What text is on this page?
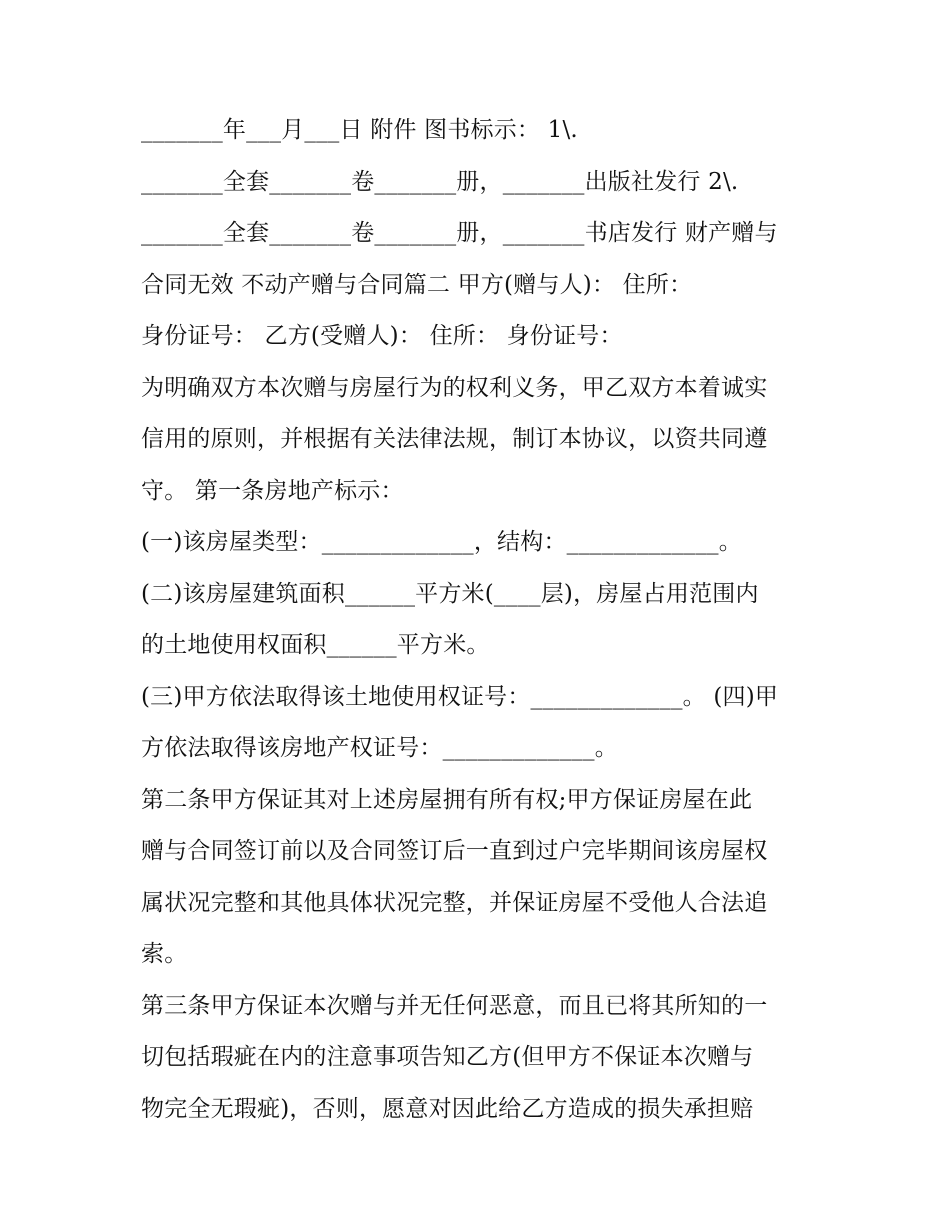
_______年___月___日 附件 图书标示： 1\.
_______全套_______卷_______册，_______出版社发行 2\.
_______全套_______卷_______册，_______书店发行 财产赠与
合同无效 不动产赠与合同篇二 甲方(赠与人)： 住所：
身份证号： 乙方(受赠人)： 住所： 身份证号：
为明确双方本次赠与房屋行为的权利义务，甲乙双方本着诚实
信用的原则，并根据有关法律法规，制订本协议，以资共同遵
守。 第一条房地产标示：
(一)该房屋类型：_____________，结构：_____________。
(二)该房屋建筑面积______平方米(____层)，房屋占用范围内
的土地使用权面积______平方米。
(三)甲方依法取得该土地使用权证号：_____________。 (四)甲
方依法取得该房地产权证号：_____________。
第二条甲方保证其对上述房屋拥有所有权;甲方保证房屋在此
赠与合同签订前以及合同签订后一直到过户完毕期间该房屋权
属状况完整和其他具体状况完整，并保证房屋不受他人合法追
索。
第三条甲方保证本次赠与并无任何恶意，而且已将其所知的一
切包括瑕疵在内的注意事项告知乙方(但甲方不保证本次赠与
物完全无瑕疵)，否则，愿意对因此给乙方造成的损失承担赔
